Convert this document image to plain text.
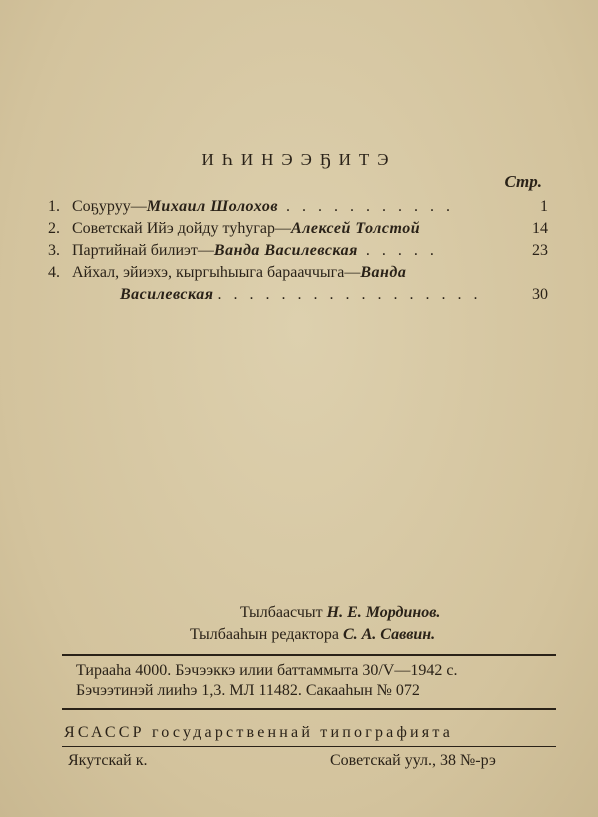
ИҺИНЭЭҔИТЭ
Стр.
1. Соҕуруу—Михаил Шолохов . . . . . . . . . . .	1
2. Советскай Ийэ дойду туһугар—Алексей Толстой	14
3. Партийнай билиэт—Ванда Василевская . . . . .	23
4. Айхал, эйиэхэ, кыргыһыыга барааччыга—Ванда
Василевская . . . . . . . . . . . . . . . . .	30
Тылбаасчыт Н. Е. Мординов.
Тылбааһын редактора С. А. Саввин.
Тирааһа 4000. Бэчээккэ илии баттаммыта 30/V—1942 с.
Бэчээтинэй лииһэ 1,3. МЛ 11482. Сакааһын № 072
ЯСАССР государственнай типографията
Якутскай к.	Советскай уул., 38 №-рэ
